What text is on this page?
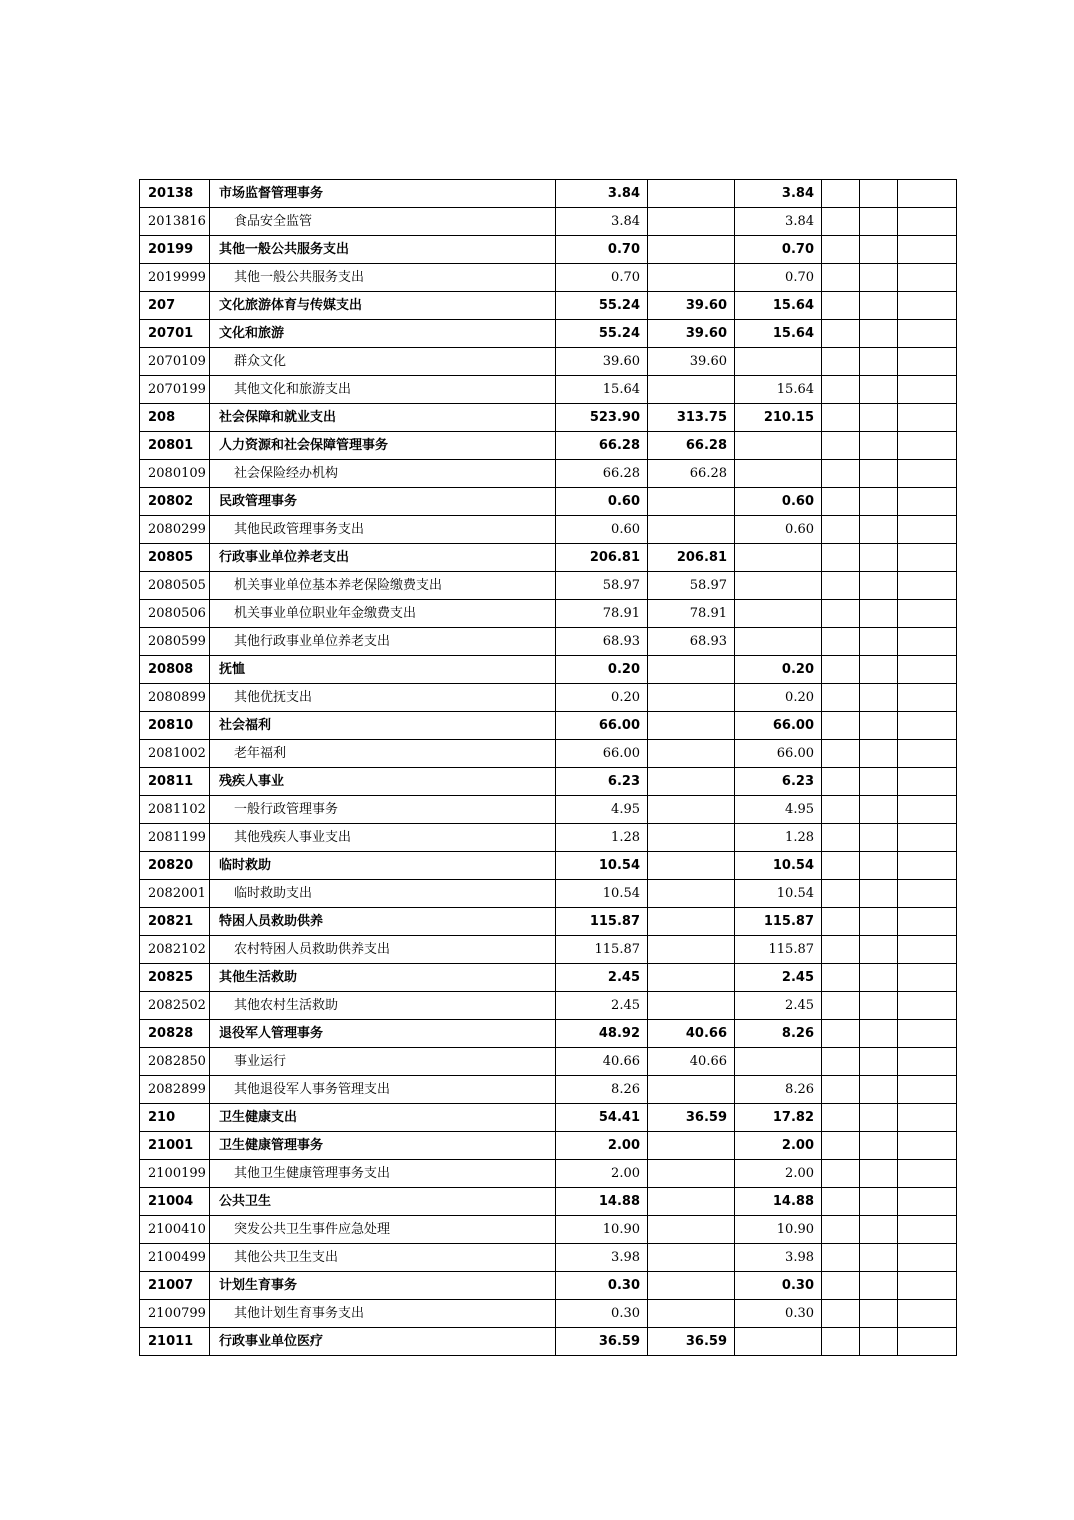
20138	市场监督管理事务	3.84		3.84			
2013816	食品安全监管	3.84		3.84			
20199	其他一般公共服务支出	0.70		0.70			
2019999	其他一般公共服务支出	0.70		0.70			
207	文化旅游体育与传媒支出	55.24	39.60	15.64			
20701	文化和旅游	55.24	39.60	15.64			
2070109	群众文化	39.60	39.60				
2070199	其他文化和旅游支出	15.64		15.64			
208	社会保障和就业支出	523.90	313.75	210.15			
20801	人力资源和社会保障管理事务	66.28	66.28				
2080109	社会保险经办机构	66.28	66.28				
20802	民政管理事务	0.60		0.60			
2080299	其他民政管理事务支出	0.60		0.60			
20805	行政事业单位养老支出	206.81	206.81				
2080505	机关事业单位基本养老保险缴费支出	58.97	58.97				
2080506	机关事业单位职业年金缴费支出	78.91	78.91				
2080599	其他行政事业单位养老支出	68.93	68.93				
20808	抚恤	0.20		0.20			
2080899	其他优抚支出	0.20		0.20			
20810	社会福利	66.00		66.00			
2081002	老年福利	66.00		66.00			
20811	残疾人事业	6.23		6.23			
2081102	一般行政管理事务	4.95		4.95			
2081199	其他残疾人事业支出	1.28		1.28			
20820	临时救助	10.54		10.54			
2082001	临时救助支出	10.54		10.54			
20821	特困人员救助供养	115.87		115.87			
2082102	农村特困人员救助供养支出	115.87		115.87			
20825	其他生活救助	2.45		2.45			
2082502	其他农村生活救助	2.45		2.45			
20828	退役军人管理事务	48.92	40.66	8.26			
2082850	事业运行	40.66	40.66				
2082899	其他退役军人事务管理支出	8.26		8.26			
210	卫生健康支出	54.41	36.59	17.82			
21001	卫生健康管理事务	2.00		2.00			
2100199	其他卫生健康管理事务支出	2.00		2.00			
21004	公共卫生	14.88		14.88			
2100410	突发公共卫生事件应急处理	10.90		10.90			
2100499	其他公共卫生支出	3.98		3.98			
21007	计划生育事务	0.30		0.30			
2100799	其他计划生育事务支出	0.30		0.30			
21011	行政事业单位医疗	36.59	36.59				
